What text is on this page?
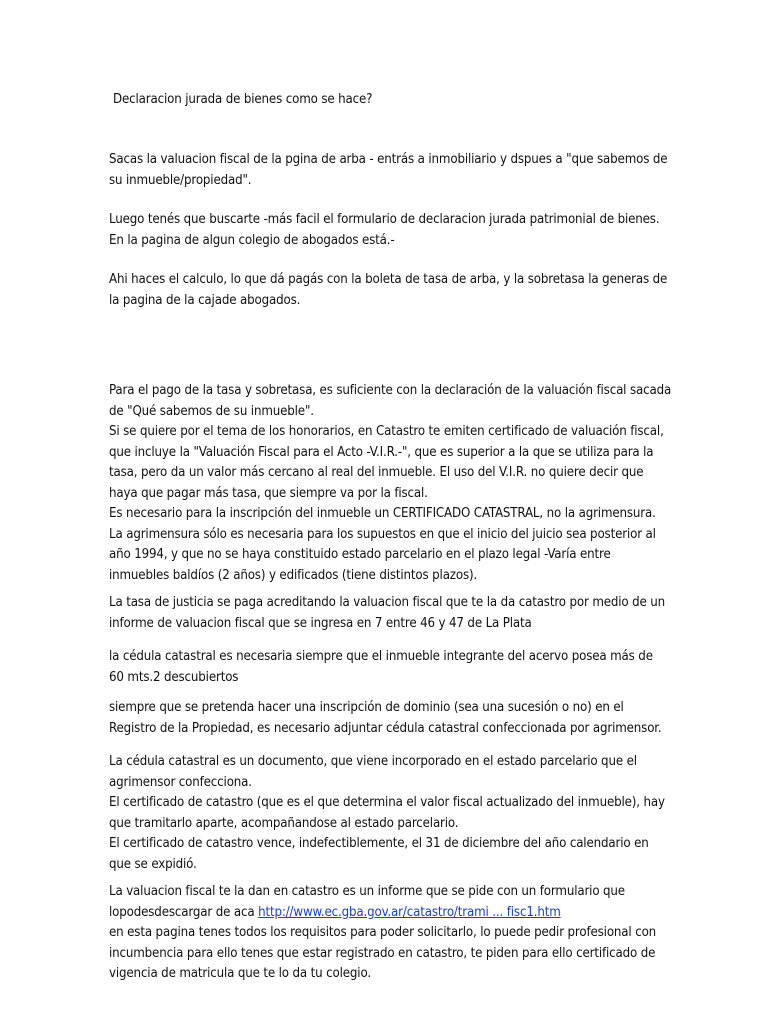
Declaracion jurada de bienes como se hace?
Sacas la valuacion fiscal de la pgina de arba - entrás a inmobiliario y dspues a "que sabemos de
su inmueble/propiedad".
Luego tenés que buscarte -más facil el formulario de declaracion jurada patrimonial de bienes.
En la pagina de algun colegio de abogados está.-
Ahi haces el calculo, lo que dá pagás con la boleta de tasa de arba, y la sobretasa la generas de
la pagina de la cajade abogados.
Para el pago de la tasa y sobretasa, es suficiente con la declaración de la valuación fiscal sacada
de "Qué sabemos de su inmueble".
Si se quiere por el tema de los honorarios, en Catastro te emiten certificado de valuación fiscal,
que incluye la "Valuación Fiscal para el Acto -V.I.R.-", que es superior a la que se utiliza para la
tasa, pero da un valor más cercano al real del inmueble. El uso del V.I.R. no quiere decir que
haya que pagar más tasa, que siempre va por la fiscal.
Es necesario para la inscripción del inmueble un CERTIFICADO CATASTRAL, no la agrimensura.
La agrimensura sólo es necesaria para los supuestos en que el inicio del juicio sea posterior al
año 1994, y que no se haya constituido estado parcelario en el plazo legal -Varía entre
inmuebles baldíos (2 años) y edificados (tiene distintos plazos).
La tasa de justicia se paga acreditando la valuacion fiscal que te la da catastro por medio de un
informe de valuacion fiscal que se ingresa en 7 entre 46 y 47 de La Plata
la cédula catastral es necesaria siempre que el inmueble integrante del acervo posea más de
60 mts.2 descubiertos
siempre que se pretenda hacer una inscripción de dominio (sea una sucesión o no) en el
Registro de la Propiedad, es necesario adjuntar cédula catastral confeccionada por agrimensor.
La cédula catastral es un documento, que viene incorporado en el estado parcelario que el
agrimensor confecciona.
El certificado de catastro (que es el que determina el valor fiscal actualizado del inmueble), hay
que tramitarlo aparte, acompañandose al estado parcelario.
El certificado de catastro vence, indefectiblemente, el 31 de diciembre del año calendario en
que se expidió.
La valuacion fiscal te la dan en catastro es un informe que se pide con un formulario que
lopodesdescargar de aca http://www.ec.gba.gov.ar/catastro/trami ... fisc1.htm
en esta pagina tenes todos los requisitos para poder solicitarlo, lo puede pedir profesional con
incumbencia para ello tenes que estar registrado en catastro, te piden para ello certificado de
vigencia de matricula que te lo da tu colegio.
